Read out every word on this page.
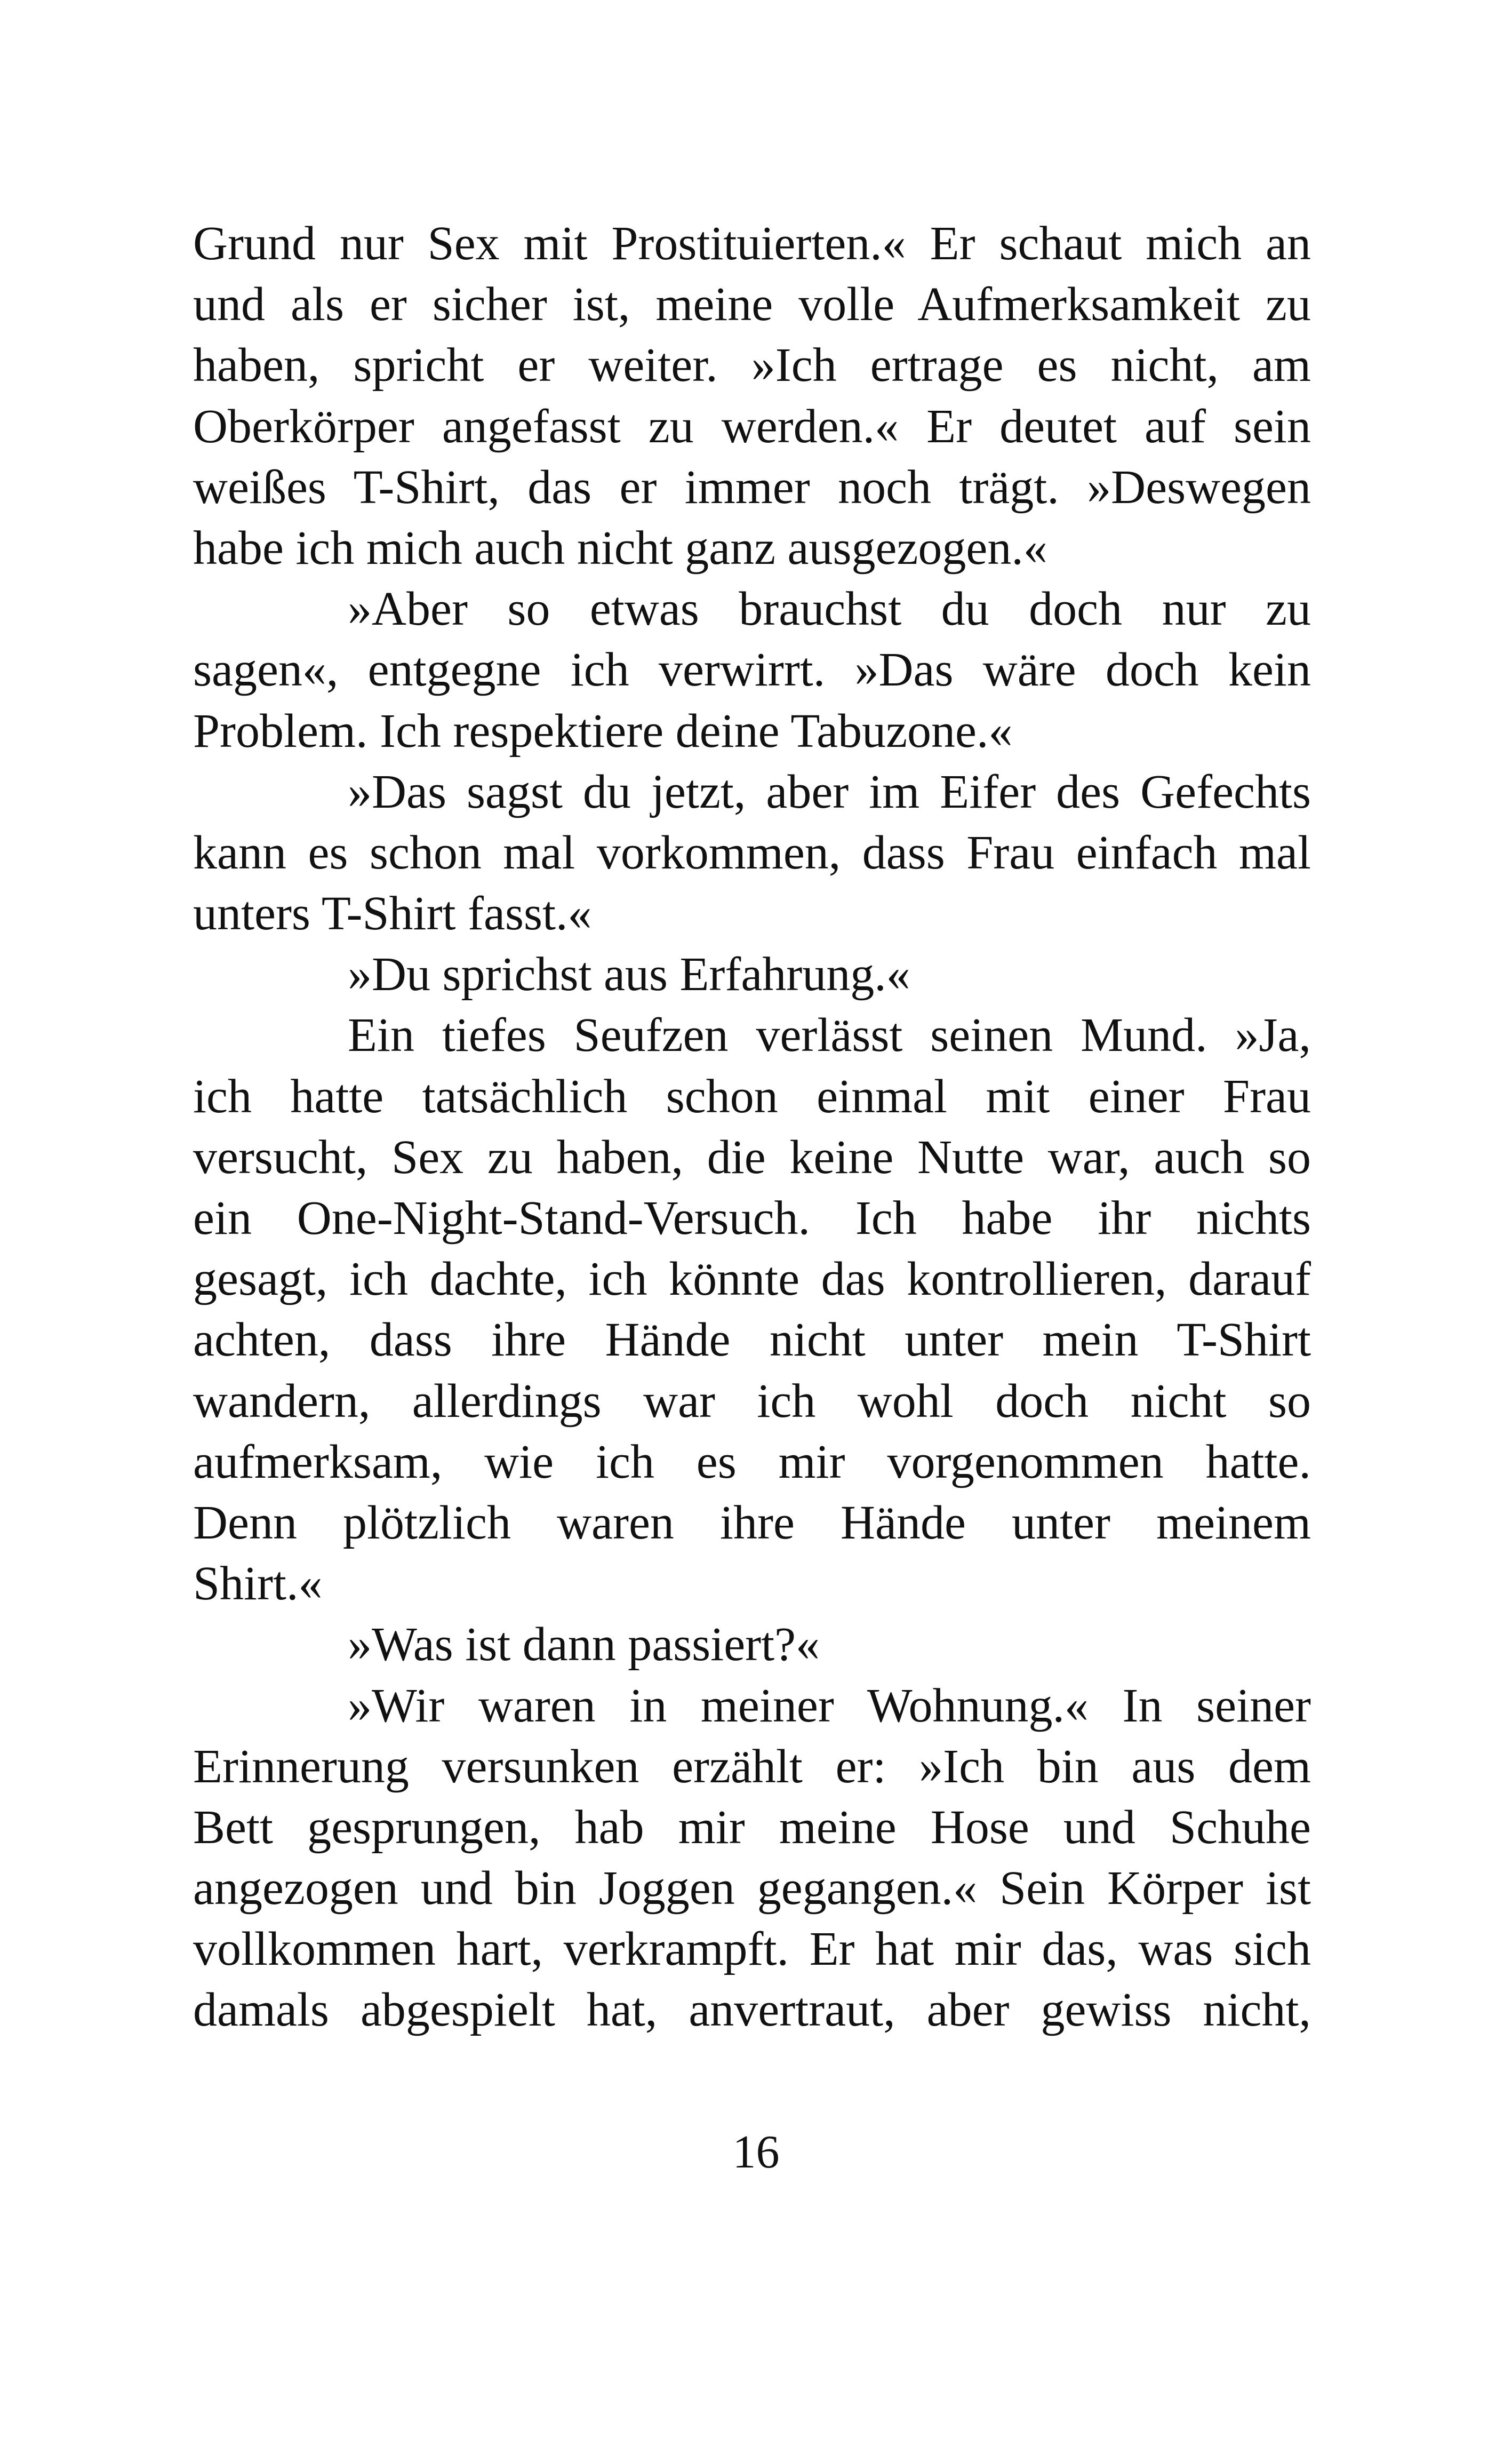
Grund nur Sex mit Prostituierten.« Er schaut mich an
und als er sicher ist, meine volle Aufmerksamkeit zu
haben, spricht er weiter. »Ich ertrage es nicht, am
Oberkörper angefasst zu werden.« Er deutet auf sein
weißes T-Shirt, das er immer noch trägt. »Deswegen
habe ich mich auch nicht ganz ausgezogen.«
»Aber so etwas brauchst du doch nur zu
sagen«, entgegne ich verwirrt. »Das wäre doch kein
Problem. Ich respektiere deine Tabuzone.«
»Das sagst du jetzt, aber im Eifer des Gefechts
kann es schon mal vorkommen, dass Frau einfach mal
unters T-Shirt fasst.«
»Du sprichst aus Erfahrung.«
Ein tiefes Seufzen verlässt seinen Mund. »Ja,
ich hatte tatsächlich schon einmal mit einer Frau
versucht, Sex zu haben, die keine Nutte war, auch so
ein One-Night-Stand-Versuch. Ich habe ihr nichts
gesagt, ich dachte, ich könnte das kontrollieren, darauf
achten, dass ihre Hände nicht unter mein T-Shirt
wandern, allerdings war ich wohl doch nicht so
aufmerksam, wie ich es mir vorgenommen hatte.
Denn plötzlich waren ihre Hände unter meinem
Shirt.«
»Was ist dann passiert?«
»Wir waren in meiner Wohnung.« In seiner
Erinnerung versunken erzählt er: »Ich bin aus dem
Bett gesprungen, hab mir meine Hose und Schuhe
angezogen und bin Joggen gegangen.« Sein Körper ist
vollkommen hart, verkrampft. Er hat mir das, was sich
damals abgespielt hat, anvertraut, aber gewiss nicht,
16
